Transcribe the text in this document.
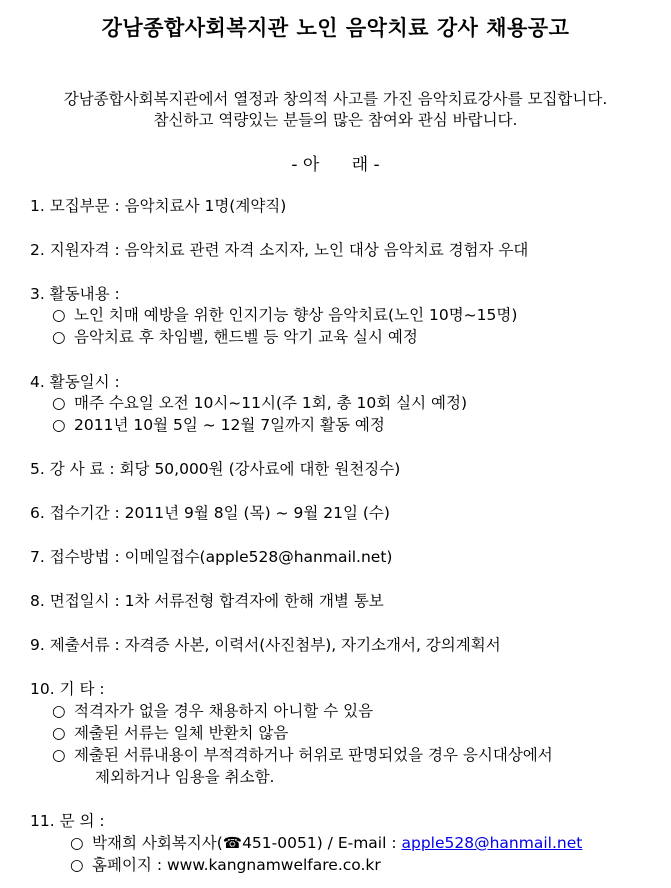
강남종합사회복지관 노인 음악치료 강사 채용공고
강남종합사회복지관에서 열정과 창의적 사고를 가진 음악치료강사를 모집합니다.
참신하고 역량있는 분들의 많은 참여와 관심 바랍니다.
- 아      래 -
1. 모집부문 : 음악치료사 1명(계약직)
2. 지원자격 : 음악치료 관련 자격 소지자, 노인 대상 음악치료 경험자 우대
3. 활동내용 :
○ 노인 치매 예방을 위한 인지기능 향상 음악치료(노인 10명~15명)
○ 음악치료 후 차임벨, 핸드벨 등 악기 교육 실시 예정
4. 활동일시 :
○ 매주 수요일 오전 10시~11시(주 1회, 총 10회 실시 예정)
○ 2011년 10월 5일 ~ 12월 7일까지 활동 예정
5. 강 사 료 : 회당 50,000원 (강사료에 대한 원천징수)
6. 접수기간 : 2011년 9월 8일 (목) ~ 9월 21일 (수)
7. 접수방법 : 이메일접수(apple528@hanmail.net)
8. 면접일시 : 1차 서류전형 합격자에 한해 개별 통보
9. 제출서류 : 자격증 사본, 이력서(사진첨부), 자기소개서, 강의계획서
10. 기 타 :
○ 적격자가 없을 경우 채용하지 아니할 수 있음
○ 제출된 서류는 일체 반환치 않음
○ 제출된 서류내용이 부적격하거나 허위로 판명되었을 경우 응시대상에서
제외하거나 임용을 취소함.
11. 문 의 :
○ 박재희 사회복지사(☎451-0051) / E-mail : apple528@hanmail.net
○ 홈페이지 : www.kangnamwelfare.co.kr
